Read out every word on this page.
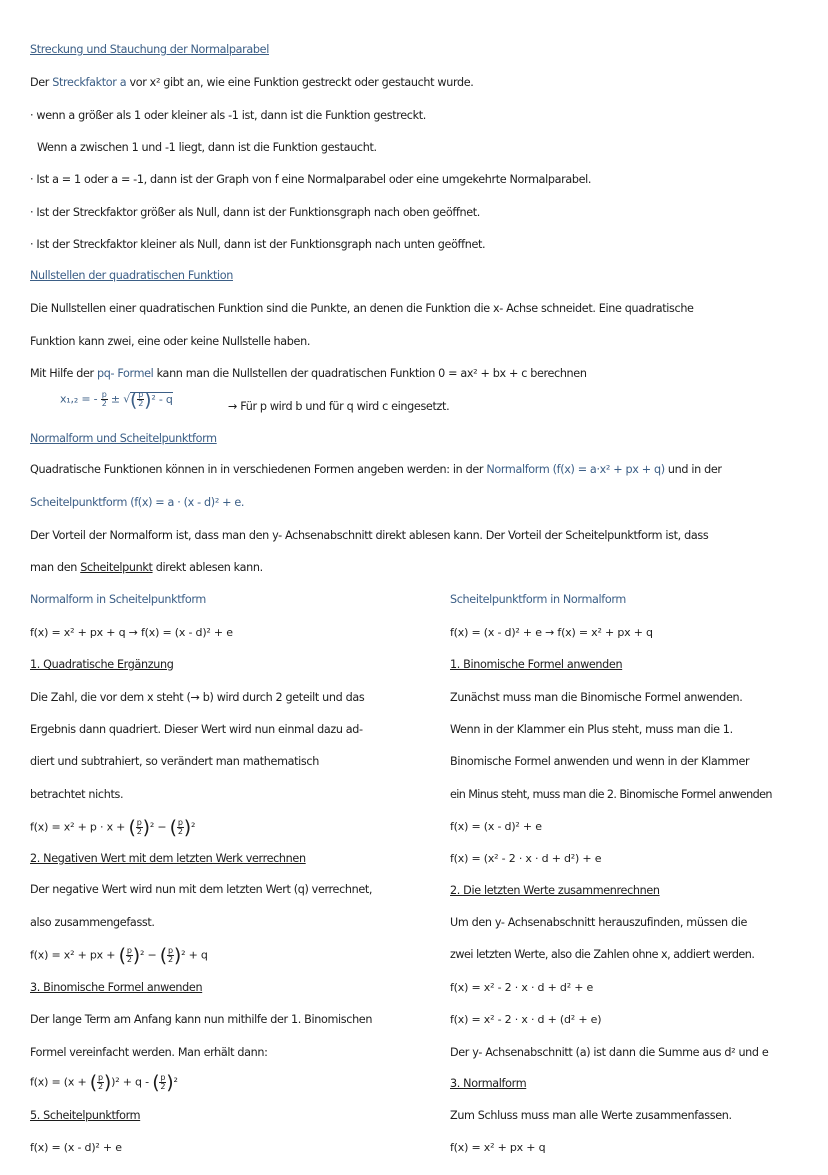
Streckung und Stauchung der Normalparabel
Der Streckfaktor a vor x² gibt an, wie eine Funktion gestreckt oder gestaucht wurde.
· wenn a größer als 1 oder kleiner als -1 ist, dann ist die Funktion gestreckt.
Wenn a zwischen 1 und -1 liegt, dann ist die Funktion gestaucht.
· Ist a = 1 oder a = -1, dann ist der Graph von f eine Normalparabel oder eine umgekehrte Normalparabel.
· Ist der Streckfaktor größer als Null, dann ist der Funktionsgraph nach oben geöffnet.
· Ist der Streckfaktor kleiner als Null, dann ist der Funktionsgraph nach unten geöffnet.
Nullstellen der quadratischen Funktion
Die Nullstellen einer quadratischen Funktion sind die Punkte, an denen die Funktion die x- Achse schneidet. Eine quadratische
Funktion kann zwei, eine oder keine Nullstelle haben.
Mit Hilfe der pq- Formel kann man die Nullstellen der quadratischen Funktion 0 = ax² + bx + c berechnen
x₁,₂ = - $\frac{p}{2}$ ± √( $\frac{p}{2} )^2$ - q
→ Für p wird b und für q wird c eingesetzt.
Normalform und Scheitelpunktform
Quadratische Funktionen können in in verschiedenen Formen angeben werden: in der Normalform (f(x) = a·x² + px + q) und in der
Scheitelpunktform (f(x) = a · (x - d)² + e.
Der Vorteil der Normalform ist, dass man den y- Achsenabschnitt direkt ablesen kann. Der Vorteil der Scheitelpunktform ist, dass
man den Scheitelpunkt direkt ablesen kann.
Normalform in Scheitelpunktform
f(x) = x² + px + q → f(x) = (x - d)² + e
1. Quadratische Ergänzung
Die Zahl, die vor dem x steht (→ b) wird durch 2 geteilt und das
Ergebnis dann quadriert. Dieser Wert wird nun einmal dazu ad-
diert und subtrahiert, so verändert man mathematisch
betrachtet nichts.
f(x) = x² + p · x + ( $\frac{p}{2} )^2$ − ( $\frac{p}{2} )^2$
2. Negativen Wert mit dem letzten Werk verrechnen
Der negative Wert wird nun mit dem letzten Wert (q) verrechnet,
also zusammengefasst.
f(x) = x² + px + ( $\frac{p}{2} )^2$ − ( $\frac{p}{2} )^2 + q$
3. Binomische Formel anwenden
Der lange Term am Anfang kann nun mithilfe der 1. Binomischen
Formel vereinfacht werden. Man erhält dann:
f(x) = (x + ( $\frac{p}{2} ))^2 + q$ - ( $\frac{p}{2} )^2$
5. Scheitelpunktform
f(x) = (x - d)² + e
Scheitelpunktform in Normalform
f(x) = (x - d)² + e → f(x) = x² + px + q
1. Binomische Formel anwenden
Zunächst muss man die Binomische Formel anwenden.
Wenn in der Klammer ein Plus steht, muss man die 1.
Binomische Formel anwenden und wenn in der Klammer
ein Minus steht, muss man die 2. Binomische Formel anwenden
f(x) = (x - d)² + e
f(x) = (x² - 2 · x · d + d²) + e
2. Die letzten Werte zusammenrechnen
Um den y- Achsenabschnitt herauszufinden, müssen die
zwei letzten Werte, also die Zahlen ohne x, addiert werden.
f(x) = x² - 2 · x · d + d² + e
f(x) = x² - 2 · x · d + (d² + e)
Der y- Achsenabschnitt (a) ist dann die Summe aus d² und e
3. Normalform
Zum Schluss muss man alle Werte zusammenfassen.
f(x) = x² + px + q
